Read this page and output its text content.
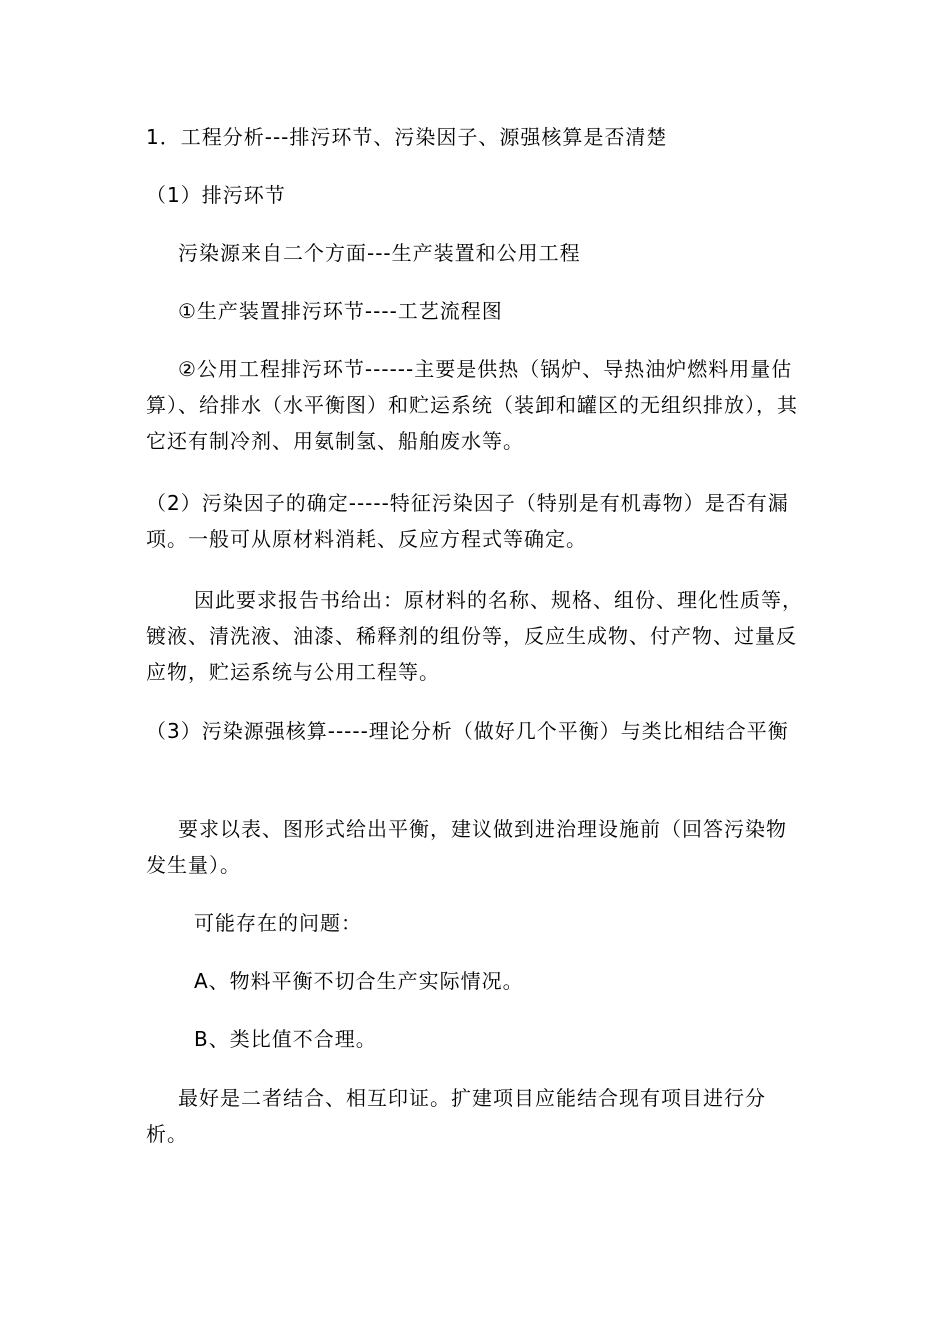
1．工程分析---排污环节、污染因子、源强核算是否清楚
（1）排污环节
污染源来自二个方面---生产装置和公用工程
①生产装置排污环节----工艺流程图
②公用工程排污环节------主要是供热（锅炉、导热油炉燃料用量估算）、给排水（水平衡图）和贮运系统（装卸和罐区的无组织排放），其它还有制冷剂、用氨制氢、船舶废水等。
（2）污染因子的确定-----特征污染因子（特别是有机毒物）是否有漏项。一般可从原材料消耗、反应方程式等确定。
因此要求报告书给出：原材料的名称、规格、组份、理化性质等，镀液、清洗液、油漆、稀释剂的组份等，反应生成物、付产物、过量反应物，贮运系统与公用工程等。
（3）污染源强核算-----理论分析（做好几个平衡）与类比相结合平衡
要求以表、图形式给出平衡，建议做到进治理设施前（回答污染物发生量）。
可能存在的问题：
A、物料平衡不切合生产实际情况。
B、类比值不合理。
最好是二者结合、相互印证。扩建项目应能结合现有项目进行分析。
